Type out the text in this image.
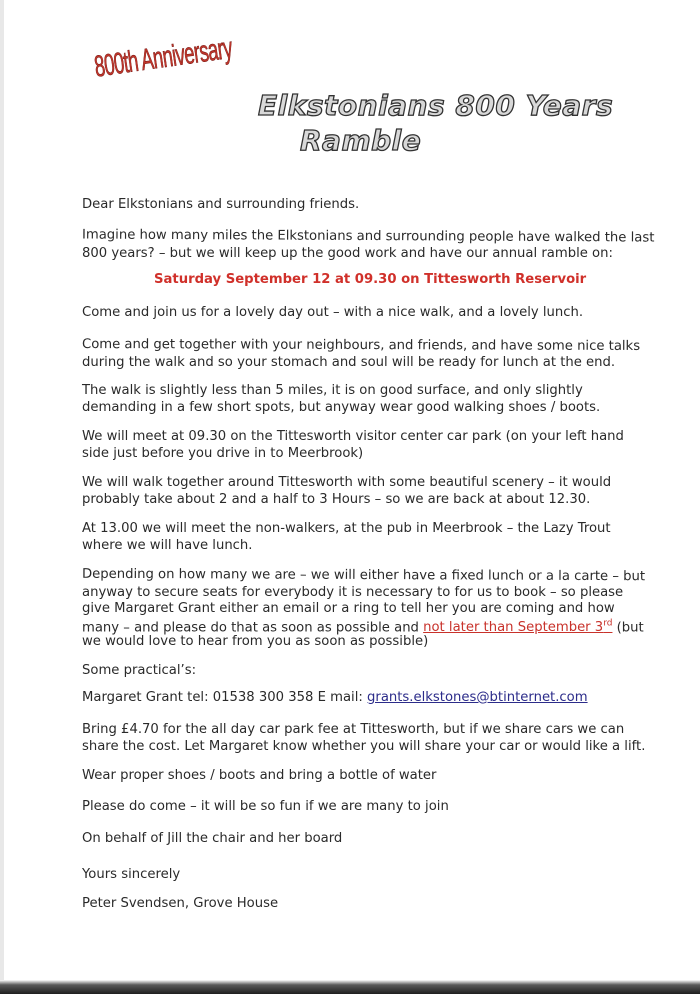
800th Anniversary
Elkstonians 800 Years
Ramble
Dear Elkstonians and surrounding friends.
Imagine how many miles the Elkstonians and surrounding people have walked the last
800 years? – but we will keep up the good work and have our annual ramble on:
Saturday September 12 at 09.30 on Tittesworth Reservoir
Come and join us for a lovely day out – with a nice walk, and a lovely lunch.
Come and get together with your neighbours, and friends, and have some nice talks
during the walk and so your stomach and soul will be ready for lunch at the end.
The walk is slightly less than 5 miles, it is on good surface, and only slightly
demanding in a few short spots, but anyway wear good walking shoes / boots.
We will meet at 09.30 on the Tittesworth visitor center car park (on your left hand
side just before you drive in to Meerbrook)
We will walk together around Tittesworth with some beautiful scenery – it would
probably take about 2 and a half to 3 Hours – so we are back at about 12.30.
At 13.00 we will meet the non-walkers, at the pub in Meerbrook – the Lazy Trout
where we will have lunch.
Depending on how many we are – we will either have a fixed lunch or a la carte – but
anyway to secure seats for everybody it is necessary to for us to book – so please
give Margaret Grant either an email or a ring to tell her you are coming and how
many – and please do that as soon as possible and not later than September 3rd (but
we would love to hear from you as soon as possible)
Some practical’s:
Margaret Grant tel: 01538 300 358 E mail: grants.elkstones@btinternet.com
Bring £4.70 for the all day car park fee at Tittesworth, but if we share cars we can
share the cost. Let Margaret know whether you will share your car or would like a lift.
Wear proper shoes / boots and bring a bottle of water
Please do come – it will be so fun if we are many to join
On behalf of Jill the chair and her board
Yours sincerely
Peter Svendsen, Grove House
